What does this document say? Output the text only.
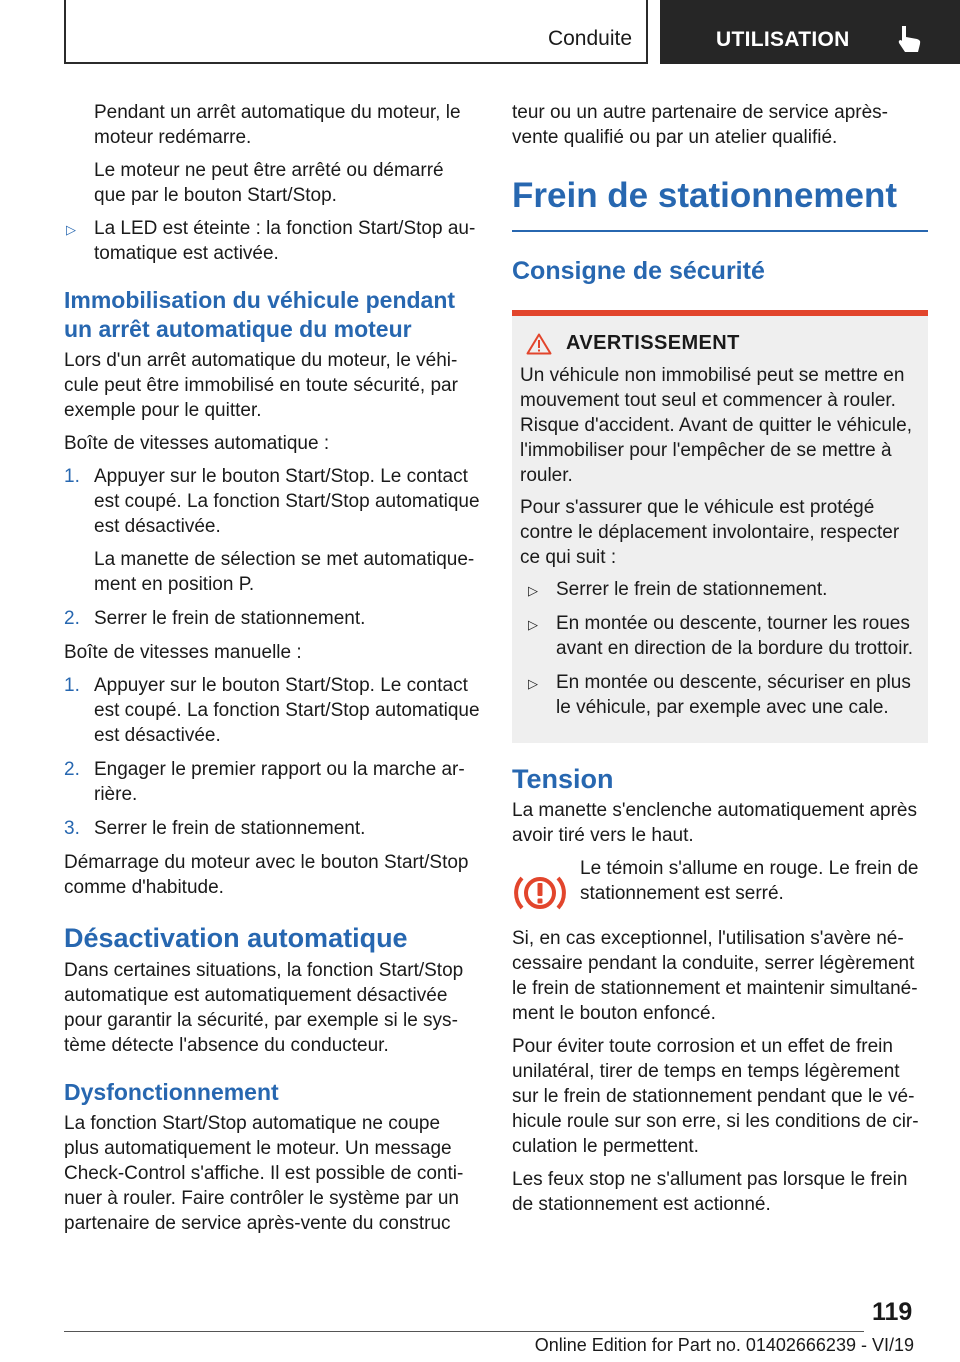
Conduite	UTILISATION

Pendant un arrêt automatique du moteur, le moteur redémarre.

Le moteur ne peut être arrêté ou démarré que par le bouton Start/Stop.

▷ La LED est éteinte : la fonction Start/Stop automatique est activée.
Immobilisation du véhicule pendant un arrêt automatique du moteur

Lors d'un arrêt automatique du moteur, le véhicule peut être immobilisé en toute sécurité, par exemple pour le quitter.

Boîte de vitesses automatique :

1. Appuyer sur le bouton Start/Stop. Le contact est coupé. La fonction Start/Stop automatique est désactivée.
La manette de sélection se met automatiquement en position P.
2. Serrer le frein de stationnement.

Boîte de vitesses manuelle :

1. Appuyer sur le bouton Start/Stop. Le contact est coupé. La fonction Start/Stop automatique est désactivée.
2. Engager le premier rapport ou la marche arrière.
3. Serrer le frein de stationnement.

Démarrage du moteur avec le bouton Start/Stop comme d'habitude.

Désactivation automatique

Dans certaines situations, la fonction Start/Stop automatique est automatiquement désactivée pour garantir la sécurité, par exemple si le système détecte l'absence du conducteur.

Dysfonctionnement

La fonction Start/Stop automatique ne coupe plus automatiquement le moteur. Un message Check-Control s'affiche. Il est possible de continuer à rouler. Faire contrôler le système par un partenaire de service après-vente du construc

teur ou un autre partenaire de service après-vente qualifié ou par un atelier qualifié.

Frein de stationnement
Consigne de sécurité
AVERTISSEMENT

Un véhicule non immobilisé peut se mettre en mouvement tout seul et commencer à rouler. Risque d'accident. Avant de quitter le véhicule, l'immobiliser pour l'empêcher de se mettre à rouler.

Pour s'assurer que le véhicule est protégé contre le déplacement involontaire, respecter ce qui suit :

▷ Serrer le frein de stationnement.
▷ En montée ou descente, tourner les roues avant en direction de la bordure du trottoir.
▷ En montée ou descente, sécuriser en plus le véhicule, par exemple avec une cale.
Tension

La manette s'enclenche automatiquement après avoir tiré vers le haut.

Le témoin s'allume en rouge. Le frein de stationnement est serré.

Si, en cas exceptionnel, l'utilisation s'avère nécessaire pendant la conduite, serrer légèrement le frein de stationnement et maintenir simultanément le bouton enfoncé.

Pour éviter toute corrosion et un effet de frein unilatéral, tirer de temps en temps légèrement sur le frein de stationnement pendant que le véhicule roule sur son erre, si les conditions de circulation le permettent.

Les feux stop ne s'allument pas lorsque le frein de stationnement est actionné.

119
Online Edition for Part no. 01402666239 - VI/19
